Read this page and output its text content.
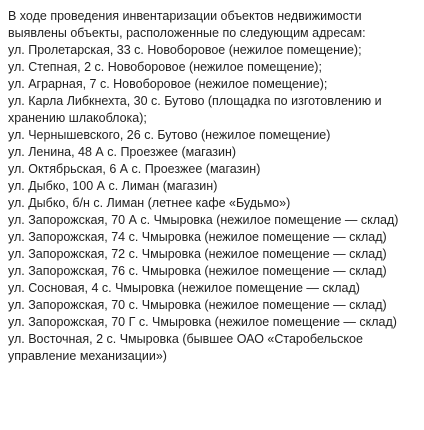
В ходе проведения инвентаризации объектов недвижимости выявлены объекты, расположенные по следующим адресам:

ул. Пролетарская, 33 с. Новоборовое (нежилое помещение);
ул. Степная, 2 с. Новоборовое (нежилое помещение);
ул. Аграрная, 7 с. Новоборовое (нежилое помещение);
ул. Карла Либкнехта, 30 с. Бутово (площадка по изготовлению и хранению шлакоблока);
ул. Чернышевского, 26 с. Бутово (нежилое помещение)
ул. Ленина, 48 А с. Проезжее (магазин)
ул. Октябрьская, 6 А с. Проезжее (магазин)
ул. Дыбко, 100 А с. Лиман (магазин)
ул. Дыбко, б/н с. Лиман (летнее кафе «Будьмо»)
ул. Запорожская, 70 А с. Чмыровка (нежилое помещение — склад)
ул. Запорожская, 74 с. Чмыровка (нежилое помещение — склад)
ул. Запорожская, 72 с. Чмыровка (нежилое помещение — склад)
ул. Запорожская, 76 с. Чмыровка (нежилое помещение — склад)
ул. Сосновая, 4 с. Чмыровка (нежилое помещение — склад)
ул. Запорожская, 70 с. Чмыровка (нежилое помещение — склад)
ул. Запорожская, 70 Г с. Чмыровка (нежилое помещение — склад)
ул. Восточная, 2 с. Чмыровка (бывшее ОАО «Старобельское управление механизации»)
